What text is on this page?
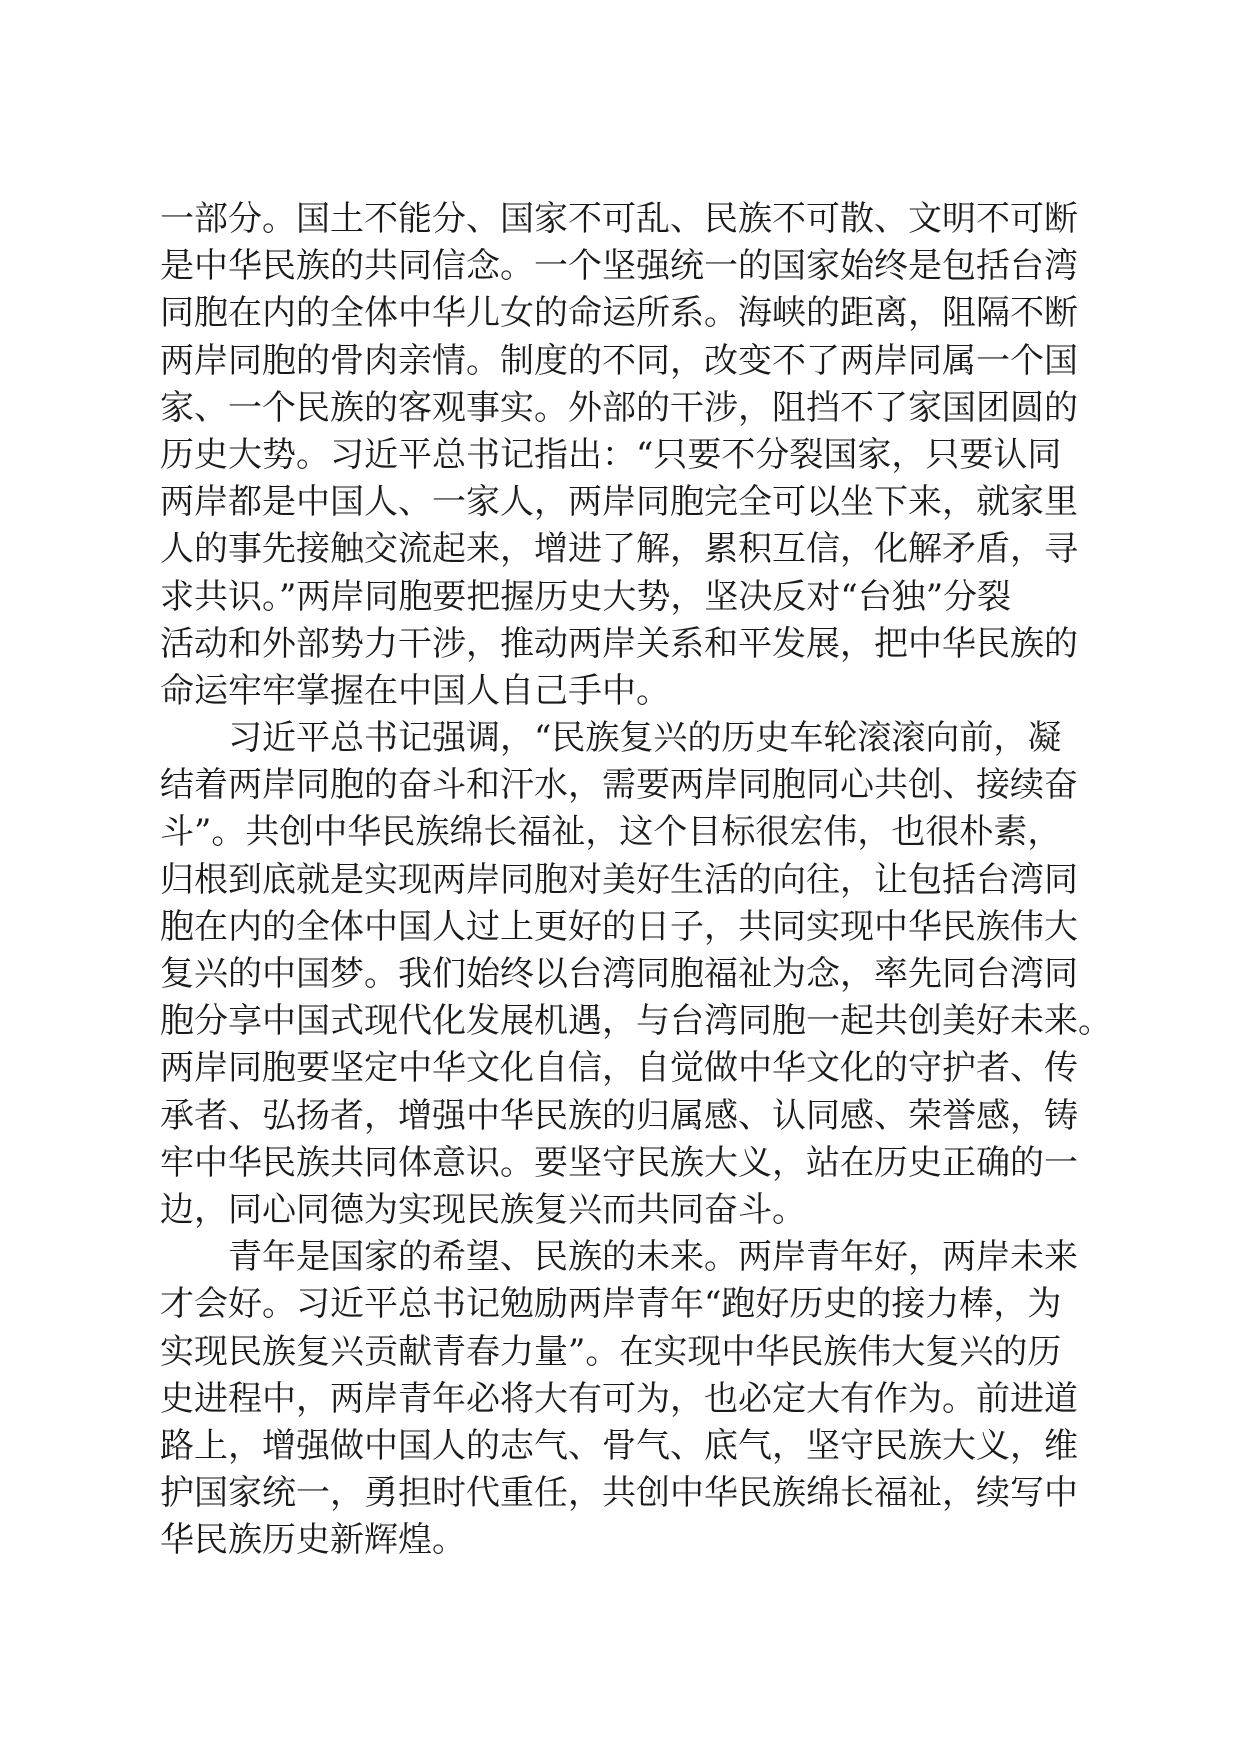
一部分。国土不能分、国家不可乱、民族不可散、文明不可断
是中华民族的共同信念。一个坚强统一的国家始终是包括台湾
同胞在内的全体中华儿女的命运所系。海峡的距离，阻隔不断
两岸同胞的骨肉亲情。制度的不同，改变不了两岸同属一个国
家、一个民族的客观事实。外部的干涉，阻挡不了家国团圆的
历史大势。习近平总书记指出：“只要不分裂国家，只要认同
两岸都是中国人、一家人，两岸同胞完全可以坐下来，就家里
人的事先接触交流起来，增进了解，累积互信，化解矛盾，寻
求共识。”两岸同胞要把握历史大势，坚决反对“台独”分裂
活动和外部势力干涉，推动两岸关系和平发展，把中华民族的
命运牢牢掌握在中国人自己手中。
习近平总书记强调，“民族复兴的历史车轮滚滚向前，凝
结着两岸同胞的奋斗和汗水，需要两岸同胞同心共创、接续奋
斗”。共创中华民族绵长福祉，这个目标很宏伟，也很朴素，
归根到底就是实现两岸同胞对美好生活的向往，让包括台湾同
胞在内的全体中国人过上更好的日子，共同实现中华民族伟大
复兴的中国梦。我们始终以台湾同胞福祉为念，率先同台湾同
胞分享中国式现代化发展机遇，与台湾同胞一起共创美好未来。
两岸同胞要坚定中华文化自信，自觉做中华文化的守护者、传
承者、弘扬者，增强中华民族的归属感、认同感、荣誉感，铸
牢中华民族共同体意识。要坚守民族大义，站在历史正确的一
边，同心同德为实现民族复兴而共同奋斗。
青年是国家的希望、民族的未来。两岸青年好，两岸未来
才会好。习近平总书记勉励两岸青年“跑好历史的接力棒，为
实现民族复兴贡献青春力量”。在实现中华民族伟大复兴的历
史进程中，两岸青年必将大有可为，也必定大有作为。前进道
路上，增强做中国人的志气、骨气、底气，坚守民族大义，维
护国家统一，勇担时代重任，共创中华民族绵长福祉，续写中
华民族历史新辉煌。
